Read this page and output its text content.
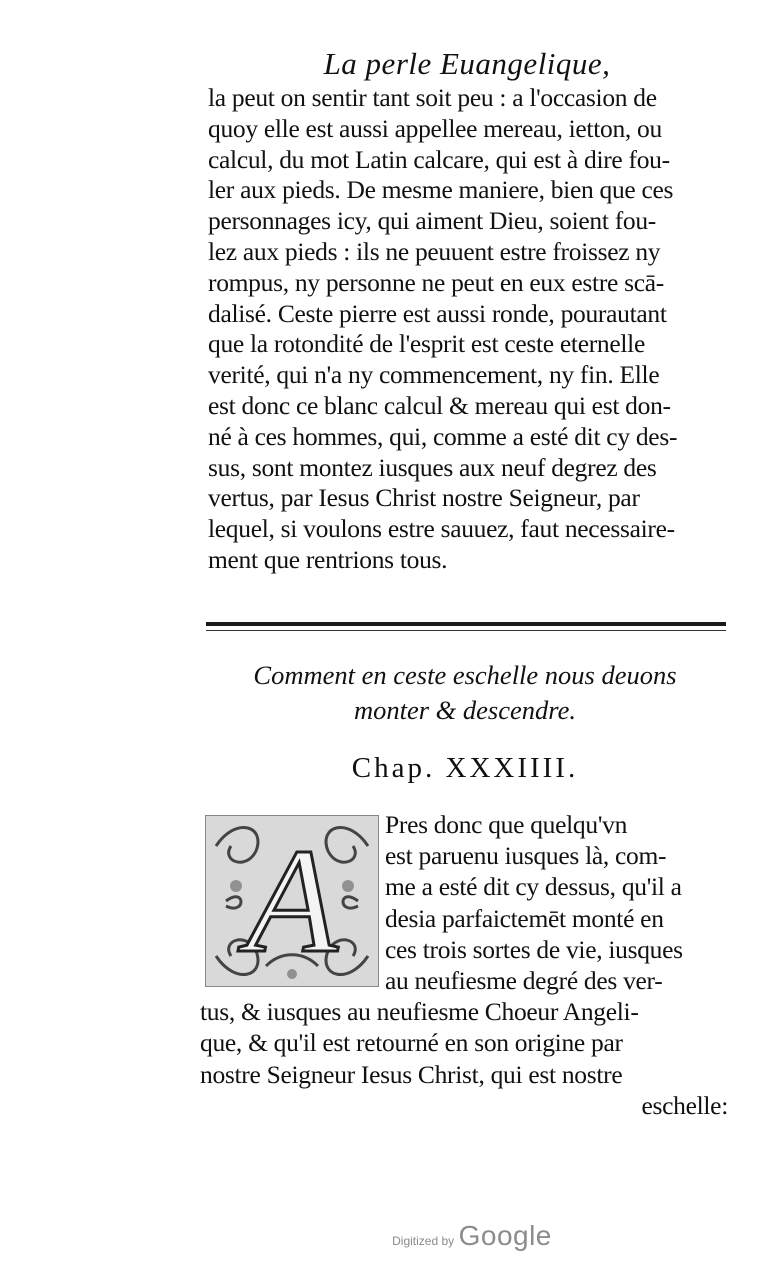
La perle Euangelique,
la peut on sentir tant soit peu : a l'occasion de
quoy elle est aussi appellee mereau, ietton, ou
calcul, du mot Latin calcare, qui est à dire fou-
ler aux pieds. De mesme maniere, bien que ces
personnages icy, qui aiment Dieu, soient fou-
lez aux pieds : ils ne peuuent estre froissez ny
rompus, ny personne ne peut en eux estre scā-
dalisé. Ceste pierre est aussi ronde, pourautant
que la rotondité de l'esprit est ceste eternelle
verité, qui n'a ny commencement, ny fin. Elle
est donc ce blanc calcul & mereau qui est don-
né à ces hommes, qui, comme a esté dit cy des-
sus, sont montez iusques aux neuf degrez des
vertus, par Iesus Christ nostre Seigneur, par
lequel, si voulons estre sauuez, faut necessaire-
ment que rentrions tous.
Comment en ceste eschelle nous deuons
monter & descendre.
Chap. XXXIIII.
A	Pres donc que quelqu'vn
est paruenu iusques là, com-
me a esté dit cy dessus, qu'il a
desia parfaictemēt monté en
ces trois sortes de vie, iusques
au neufiesme degré des ver-
tus, & iusques au neufiesme Choeur Angeli-
que, & qu'il est retourné en son origine par
nostre Seigneur Iesus Christ, qui est nostre
eschelle:
Digitized by Google
